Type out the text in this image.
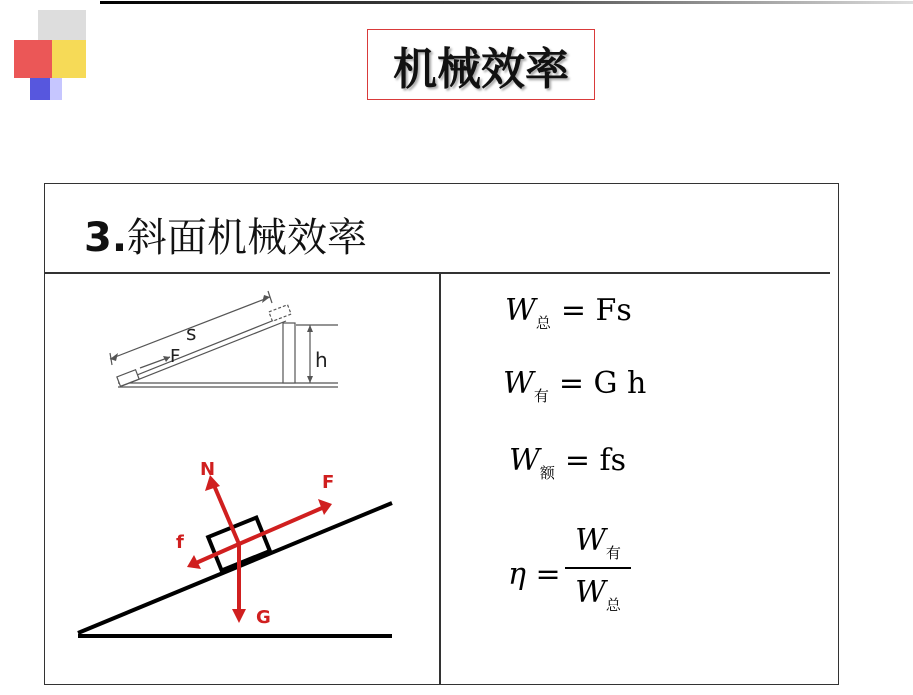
机械效率
3.斜面机械效率
s
F	h
N
F
f
G
$W_总 = Fs$
$W_有 = G$ h
$W_额$ = fs
η =
$W_有$
$W_总$
